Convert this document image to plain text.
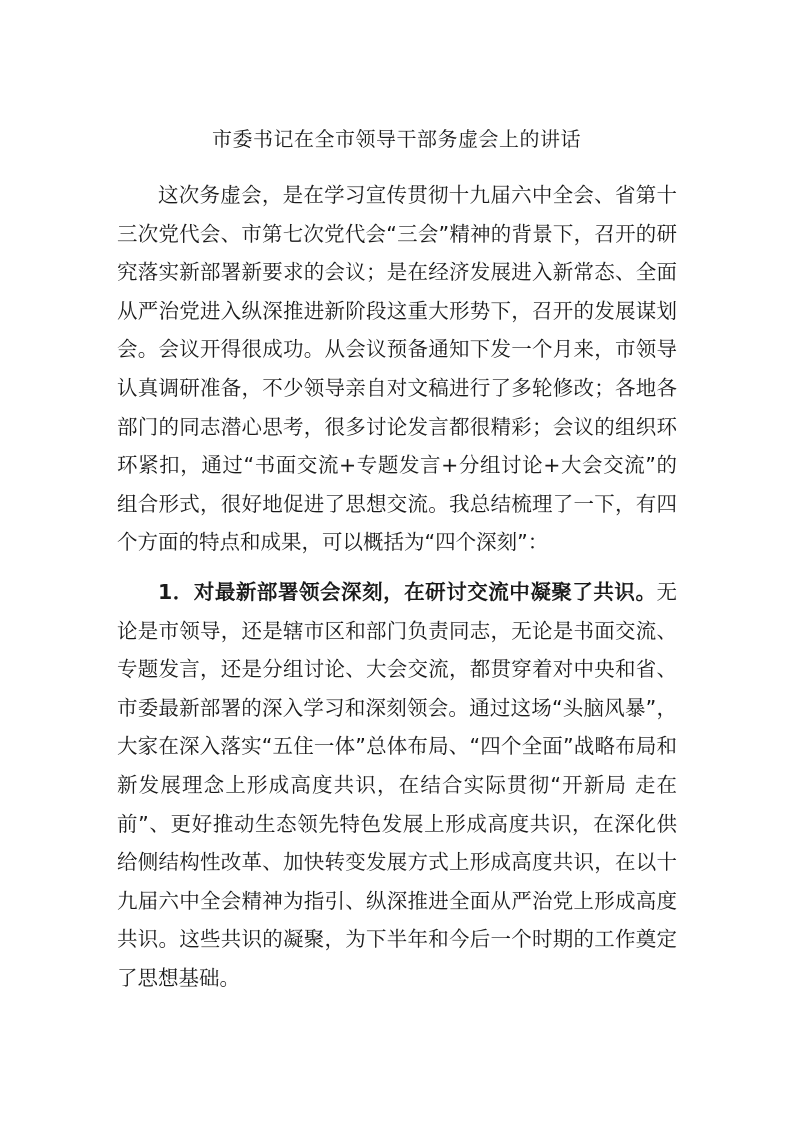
市委书记在全市领导干部务虚会上的讲话

这次务虚会，是在学习宣传贯彻十九届六中全会、省第十三次党代会、市第七次党代会“三会”精神的背景下，召开的研究落实新部署新要求的会议；是在经济发展进入新常态、全面从严治党进入纵深推进新阶段这重大形势下，召开的发展谋划会。会议开得很成功。从会议预备通知下发一个月来，市领导认真调研准备，不少领导亲自对文稿进行了多轮修改；各地各部门的同志潜心思考，很多讨论发言都很精彩；会议的组织环环紧扣，通过“书面交流+专题发言+分组讨论+大会交流”的组合形式，很好地促进了思想交流。我总结梳理了一下，有四个方面的特点和成果，可以概括为“四个深刻”：

1．对最新部署领会深刻，在研讨交流中凝聚了共识。无论是市领导，还是辖市区和部门负责同志，无论是书面交流、专题发言，还是分组讨论、大会交流，都贯穿着对中央和省、市委最新部署的深入学习和深刻领会。通过这场“头脑风暴”，大家在深入落实“五住一体”总体布局、“四个全面”战略布局和新发展理念上形成高度共识，在结合实际贯彻“开新局 走在前”、更好推动生态领先特色发展上形成高度共识，在深化供给侧结构性改革、加快转变发展方式上形成高度共识，在以十九届六中全会精神为指引、纵深推进全面从严治党上形成高度共识。这些共识的凝聚，为下半年和今后一个时期的工作奠定了思想基础。
